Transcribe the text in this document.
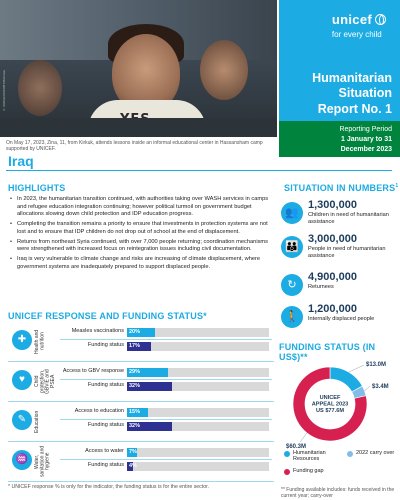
© UNICEF/UNI395736/Anmar
On May 17, 2023, Zina, 11, from Kirkuk, attends lessons inside an informal educational center in Hassansham camp supported by UNICEF.
unicef
for every child
Humanitarian
Situation
Report No. 1
Reporting Period
1 January to 31
December 2023
Iraq
HIGHLIGHTS
• In 2023, the humanitarian transition continued, with authorities taking over WASH services in camps and refugee education integration continuing; however political turmoil on government budget allocations slowing down child protection and IDP education progress.
• Completing the transition remains a priority to ensure that investments in protection systems are not lost and to ensure that IDP children do not drop out of school at the end of displacement.
• Returns from northeast Syria continued, with over 7,000 people returning; coordination mechanisms were strengthened with increased focus on reintegration issues including civil documentation.
• Iraq is very vulnerable to climate change and risks are increasing of climate displacement, where government systems are inadequately prepared to support displaced people.
UNICEF RESPONSE AND FUNDING STATUS*
✚	Health and nutrition
Measles vaccinations 20%
Funding status 17%
♥	Child protection, GBViE and PSEA
Access to GBV response 29%
Funding status 32%
✎	Education	Access to education 15%
Funding status 32%
♒	Water, sanitation and hygiene
Access to water 7%
Funding status 4%
* UNICEF response % is only for the indicator, the funding status is for the entire sector.
SITUATION IN NUMBERS$^1$
👥
1,300,000
Children in need of humanitarian assistance
👪
3,000,000
People in need of humanitarian assistance
↻
4,900,000
Returnees
🚶
1,200,000
Internally displaced people
FUNDING STATUS (IN US$)**
$13.0M
$3.4M
$60.3M
UNICEF
APPEAL 2023
US $77.6M
Humanitarian Resources
2022 carry over
Funding gap
** Funding available includes: funds received in the current year; carry-over
